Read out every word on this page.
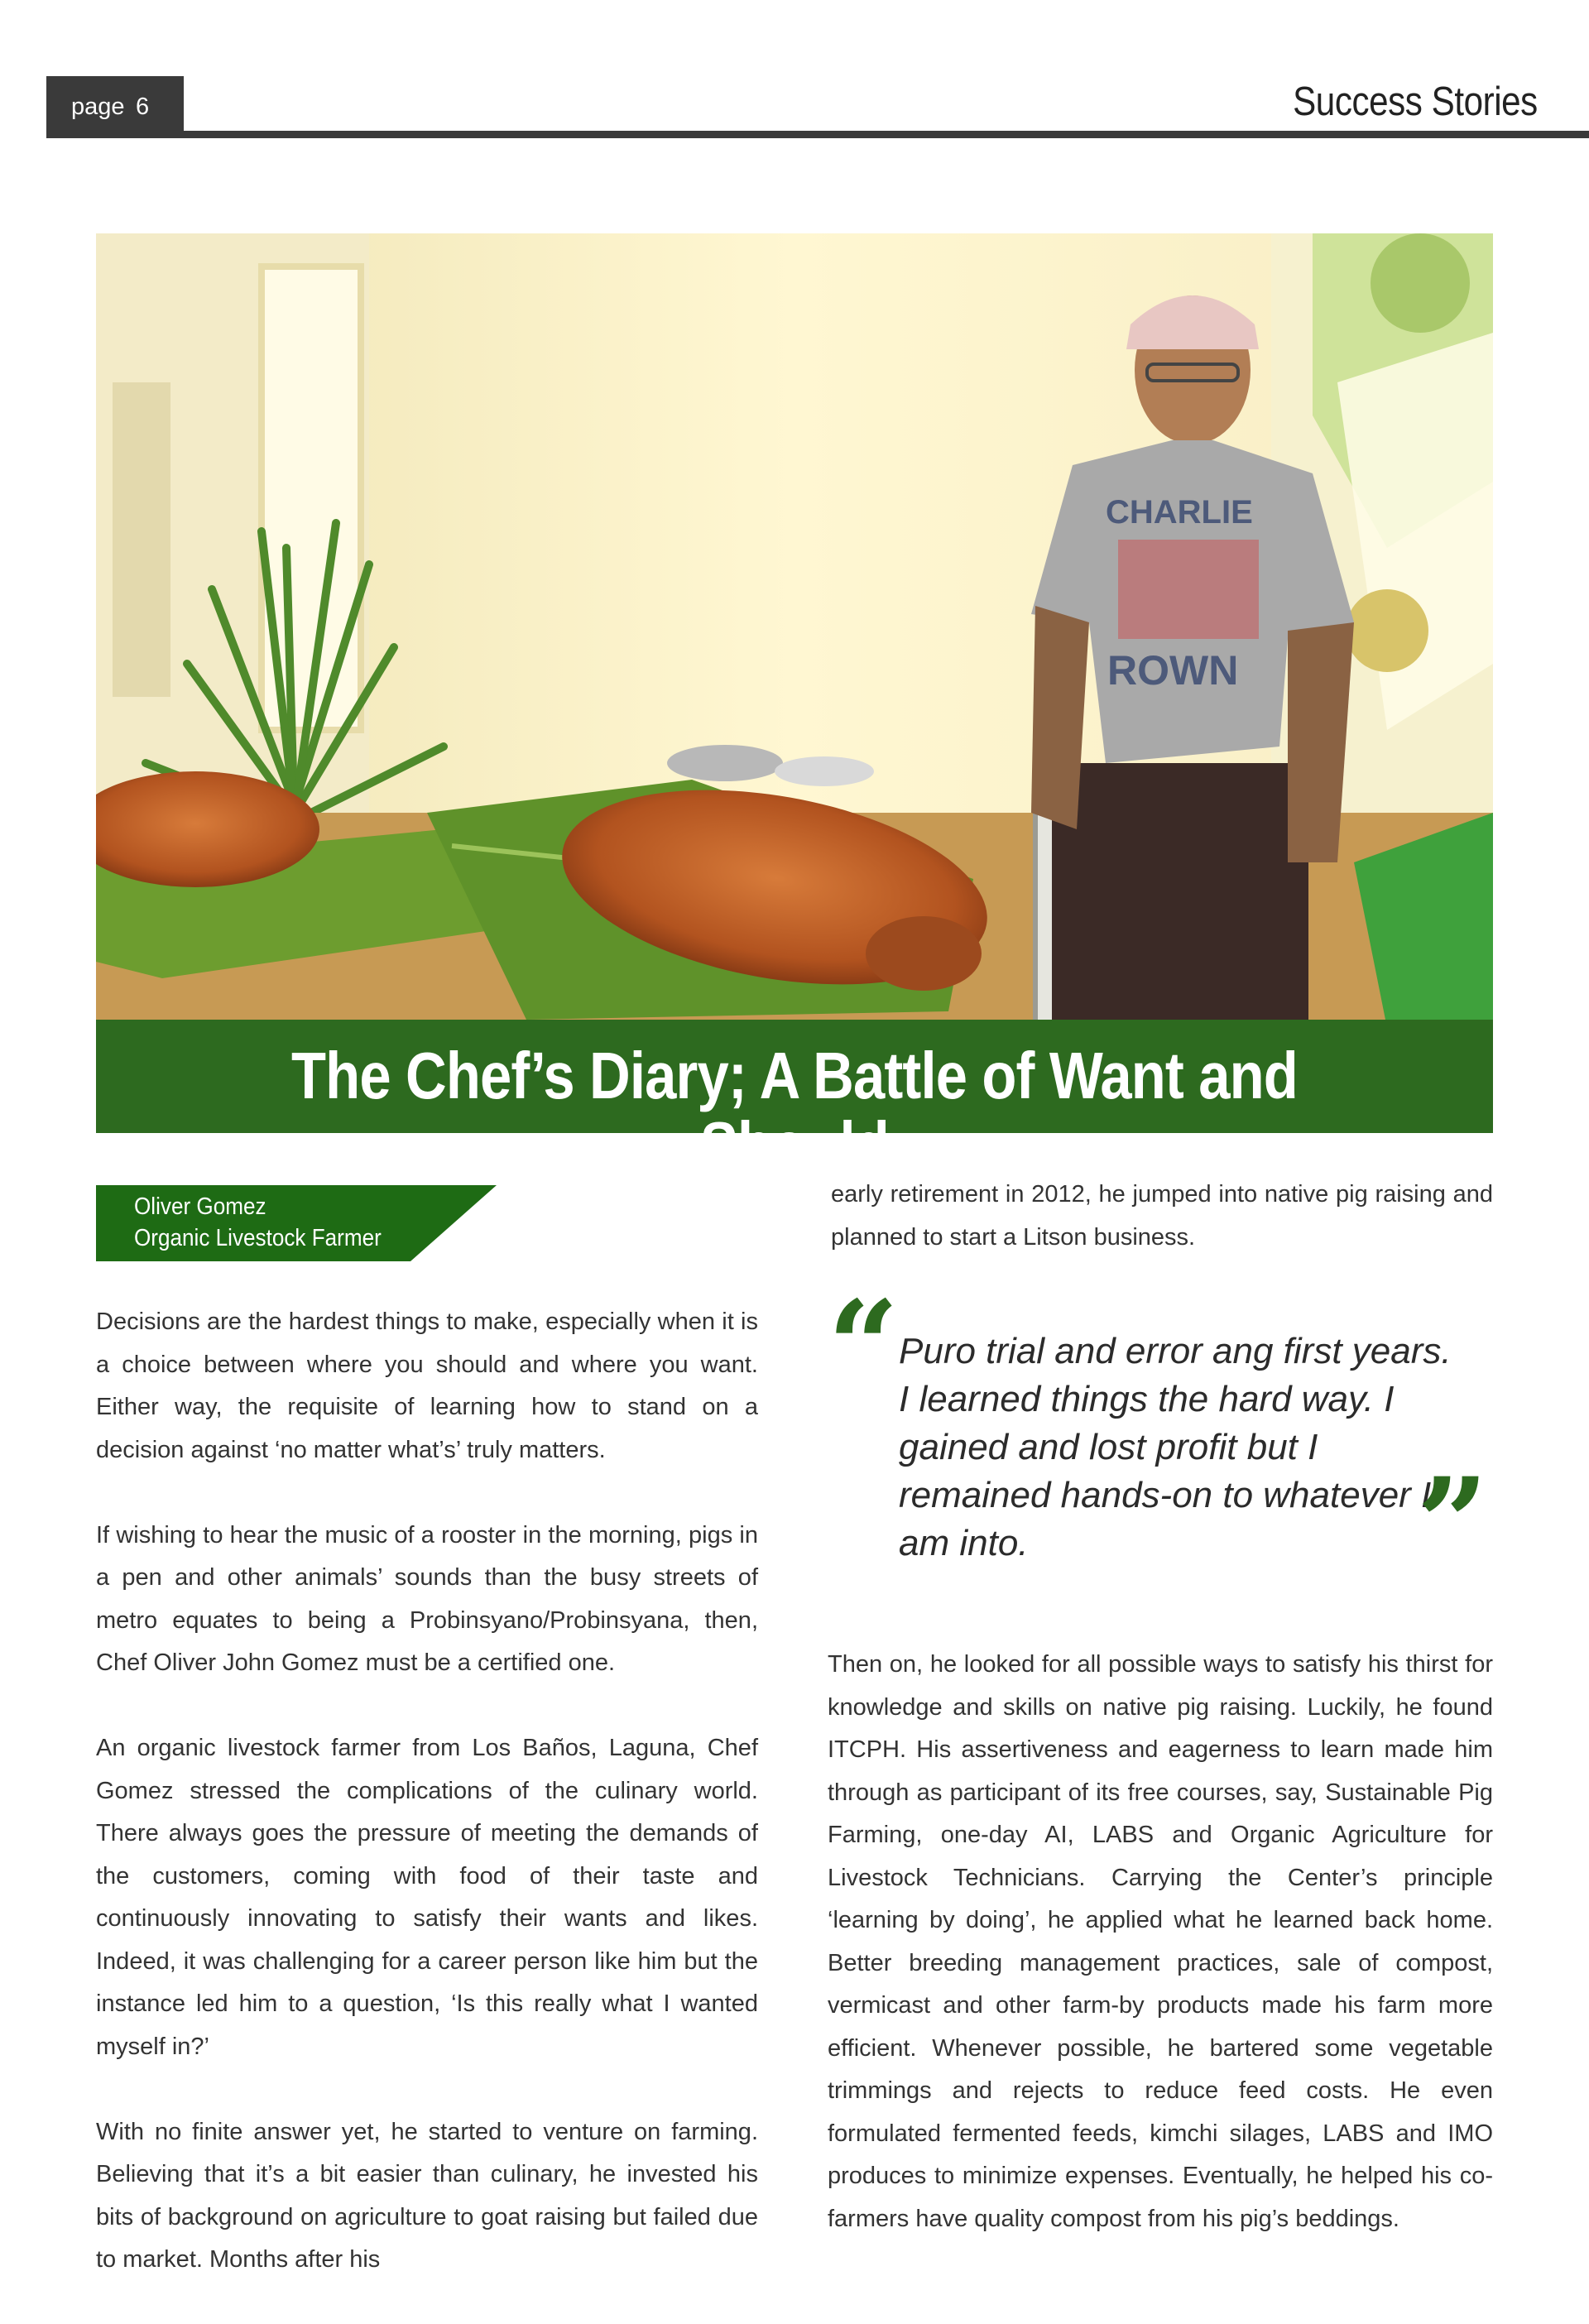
page 6	Success Stories
CHARLIE
ROWN
The Chef’s Diary; A Battle of Want and Should
Oliver Gomez
Organic Livestock Farmer

Decisions are the hardest things to make, especially when it is a choice between where you should and where you want. Either way, the requisite of learning how to stand on a decision against ‘no matter what’s’ truly matters.

If wishing to hear the music of a rooster in the morning, pigs in a pen and other animals’ sounds than the busy streets of metro equates to being a Probinsyano/Probinsyana, then, Chef Oliver John Gomez must be a certified one.

An organic livestock farmer from Los Baños, Laguna, Chef Gomez stressed the complications of the culinary world. There always goes the pressure of meeting the demands of the customers, coming with food of their taste and continuously innovating to satisfy their wants and likes. Indeed, it was challenging for a career person like him but the instance led him to a question, ‘Is this really what I wanted myself in?’

With no finite answer yet, he started to venture on farming. Believing that it’s a bit easier than culinary, he invested his bits of background on agriculture to goat raising but failed due to market. Months after his

early retirement in 2012, he jumped into native pig raising and planned to start a Litson business.

“ Puro trial and error ang first years. I learned things the hard way. I gained and lost profit but I remained hands-on to whatever I am into.	”

Then on, he looked for all possible ways to satisfy his thirst for knowledge and skills on native pig raising. Luckily, he found ITCPH. His assertiveness and eagerness to learn made him through as participant of its free courses, say, Sustainable Pig Farming, one-day AI, LABS and Organic Agriculture for Livestock Technicians. Carrying the Center’s principle ‘learning by doing’, he applied what he learned back home. Better breeding management practices, sale of compost, vermicast and other farm-by products made his farm more efficient. Whenever possible, he bartered some vegetable trimmings and rejects to reduce feed costs. He even formulated fermented feeds, kimchi silages, LABS and IMO produces to minimize expenses. Eventually, he helped his co-farmers have quality compost from his pig’s beddings.
